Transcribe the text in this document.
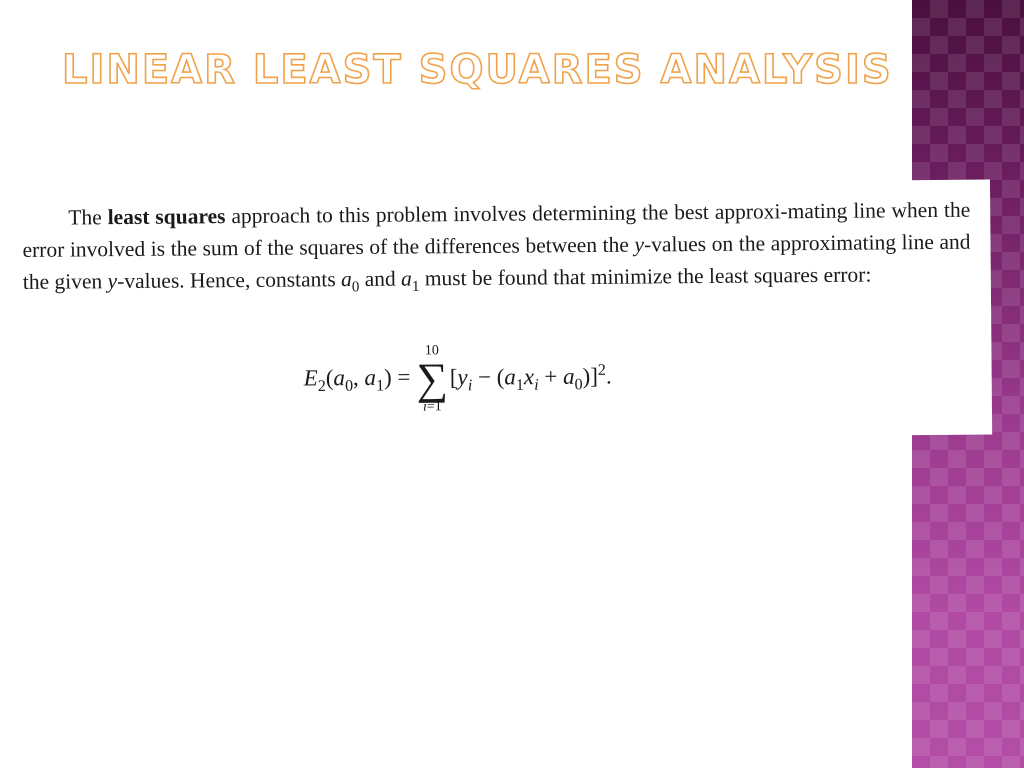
LINEAR LEAST SQUARES ANALYSIS

The least squares approach to this problem involves determining the best approxi-mating line when the error involved is the sum of the squares of the differences between the y-values on the approximating line and the given y-values. Hence, constants $a_0$ and $a_1$ must be found that minimize the least squares error:

$E_2(a_0$, $a_1$) =
10
∑
i=1
$[y_i - (a_1x_i + a_0)]^2$.
